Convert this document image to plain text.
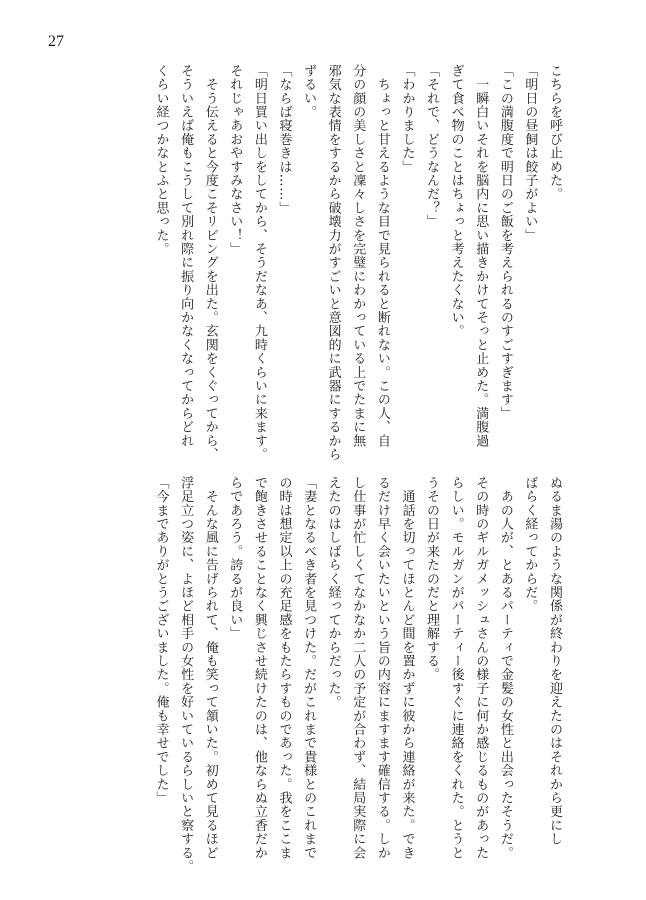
27
こちらを呼び止めた。
「明日の昼飼は餃子がよい」
「この満腹度で明日のご飯を考えられるのすごすぎます」
　一瞬白いそれを脳内に思い描きかけてそっと止めた。満腹過
ぎて食べ物のことはちょっと考えたくない。
「それで、どうなんだ？」
「わかりました」
　ちょっと甘えるような目で見られると断れない。この人、自
分の顔の美しさと凜々しさを完璧にわかっている上でたまに無
邪気な表情をするから破壊力がすごいと意図的に武器にするから
ずるい。
「ならば寝巻きは……」
「明日買い出しをしてから、そうだなあ、九時くらいに来ます。
それじゃあおやすみなさい！」
　そう伝えると今度こそリビングを出た。玄関をくぐってから、
そういえば俺もこうして別れ際に振り向かなくなってからどれ
くらい経つかなとふと思った。
ぬるま湯のような関係が終わりを迎えたのはそれから更にし
ばらく経ってからだ。
　あの人が、とあるパーティで金髪の女性と出会ったそうだ。
その時のギルガメッシュさんの様子に何か感じるものがあった
らしい。モルガンがパーティー後すぐに連絡をくれた。とうと
うその日が来たのだと理解する。
　通話を切ってほとんど間を置かずに彼から連絡が来た。でき
るだけ早く会いたいという旨の内容にますます確信する。しか
し仕事が忙しくてなかなか二人の予定が合わず、結局実際に会
えたのはしばらく経ってからだった。
「妻となるべき者を見つけた。だがこれまで貴様とのこれまで
の時は想定以上の充足感をもたらすものであった。我をここま
で飽きさせることなく興じさせ続けたのは、他ならぬ立香だか
らであろう。誇るが良い」
　そんな風に告げられて、俺も笑って頷いた。初めて見るほど
浮足立つ姿に、よほど相手の女性を好いているらしいと察する。
「今までありがとうございました。俺も幸せでした」
